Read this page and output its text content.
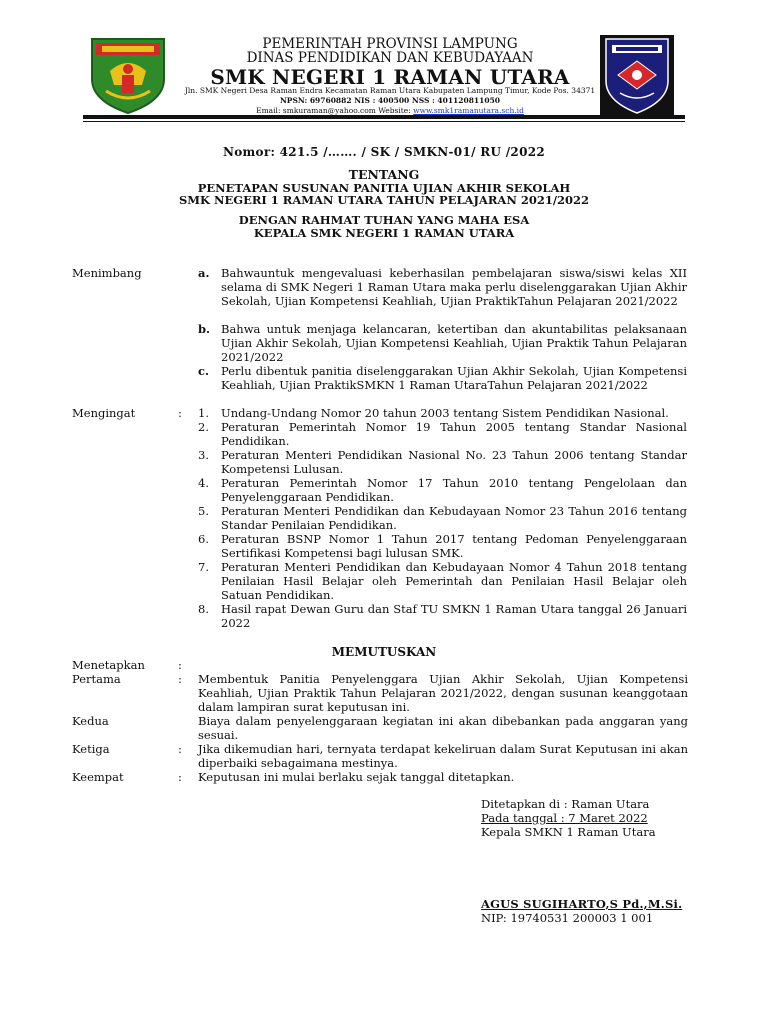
PEMERINTAH PROVINSI LAMPUNG
DINAS PENDIDIKAN DAN KEBUDAYAAN
SMK NEGERI 1 RAMAN UTARA
Jln. SMK Negeri Desa Raman Endra Kecamatan Raman Utara Kabupaten Lampung Timur, Kode Pos. 34371
NPSN: 69760882 NIS : 400500 NSS : 401120811050
Email: smkuraman@yahoo.com Website: www.smk1ramanutara.sch.id
Nomor: 421.5 /……. / SK / SMKN-01/ RU /2022
TENTANG
PENETAPAN SUSUNAN PANITIA UJIAN AKHIR SEKOLAH
SMK NEGERI 1 RAMAN UTARA TAHUN PELAJARAN 2021/2022
DENGAN RAHMAT TUHAN YANG MAHA ESA
KEPALA SMK NEGERI 1 RAMAN UTARA
Menimbang	a. Bahwauntuk mengevaluasi keberhasilan pembelajaran siswa/siswi kelas XII selama di SMK Negeri 1 Raman Utara maka perlu diselenggarakan Ujian Akhir Sekolah, Ujian Kompetensi Keahliah, Ujian PraktikTahun Pelajaran 2021/2022
b. Bahwa untuk menjaga kelancaran, ketertiban dan akuntabilitas pelaksanaan Ujian Akhir Sekolah, Ujian Kompetensi Keahliah, Ujian Praktik Tahun Pelajaran 2021/2022
c. Perlu dibentuk panitia diselenggarakan Ujian Akhir Sekolah, Ujian Kompetensi Keahliah, Ujian PraktikSMKN 1 Raman UtaraTahun Pelajaran 2021/2022
Mengingat	: 1. Undang-Undang Nomor 20 tahun 2003 tentang Sistem Pendidikan Nasional.
2. Peraturan Pemerintah Nomor 19 Tahun 2005 tentang Standar Nasional Pendidikan.
3. Peraturan Menteri Pendidikan Nasional No. 23 Tahun 2006 tentang Standar Kompetensi Lulusan.
4. Peraturan Pemerintah Nomor 17 Tahun 2010 tentang Pengelolaan dan Penyelenggaraan Pendidikan.
5. Peraturan Menteri Pendidikan dan Kebudayaan Nomor 23 Tahun 2016 tentang Standar Penilaian Pendidikan.
6. Peraturan BSNP Nomor 1 Tahun 2017 tentang Pedoman Penyelenggaraan Sertifikasi Kompetensi bagi lulusan SMK.
7. Peraturan Menteri Pendidikan dan Kebudayaan Nomor 4 Tahun 2018 tentang Penilaian Hasil Belajar oleh Pemerintah dan Penilaian Hasil Belajar oleh Satuan Pendidikan.
8. Hasil rapat Dewan Guru dan Staf TU SMKN 1 Raman Utara tanggal 26 Januari 2022
MEMUTUSKAN
Menetapkan	:
Pertama	: Membentuk Panitia Penyelenggara Ujian Akhir Sekolah, Ujian Kompetensi Keahliah, Ujian Praktik Tahun Pelajaran 2021/2022, dengan susunan keanggotaan dalam lampiran surat keputusan ini.
Kedua	Biaya dalam penyelenggaraan kegiatan ini akan dibebankan pada anggaran yang sesuai.
Ketiga	: Jika dikemudian hari, ternyata terdapat kekeliruan dalam Surat Keputusan ini akan diperbaiki sebagaimana mestinya.
Keempat	: Keputusan ini mulai berlaku sejak tanggal ditetapkan.
Ditetapkan di : Raman Utara
Pada tanggal : 7 Maret 2022
Kepala SMKN 1 Raman Utara
AGUS SUGIHARTO,S Pd.,M.Si.
NIP: 19740531 200003 1 001
